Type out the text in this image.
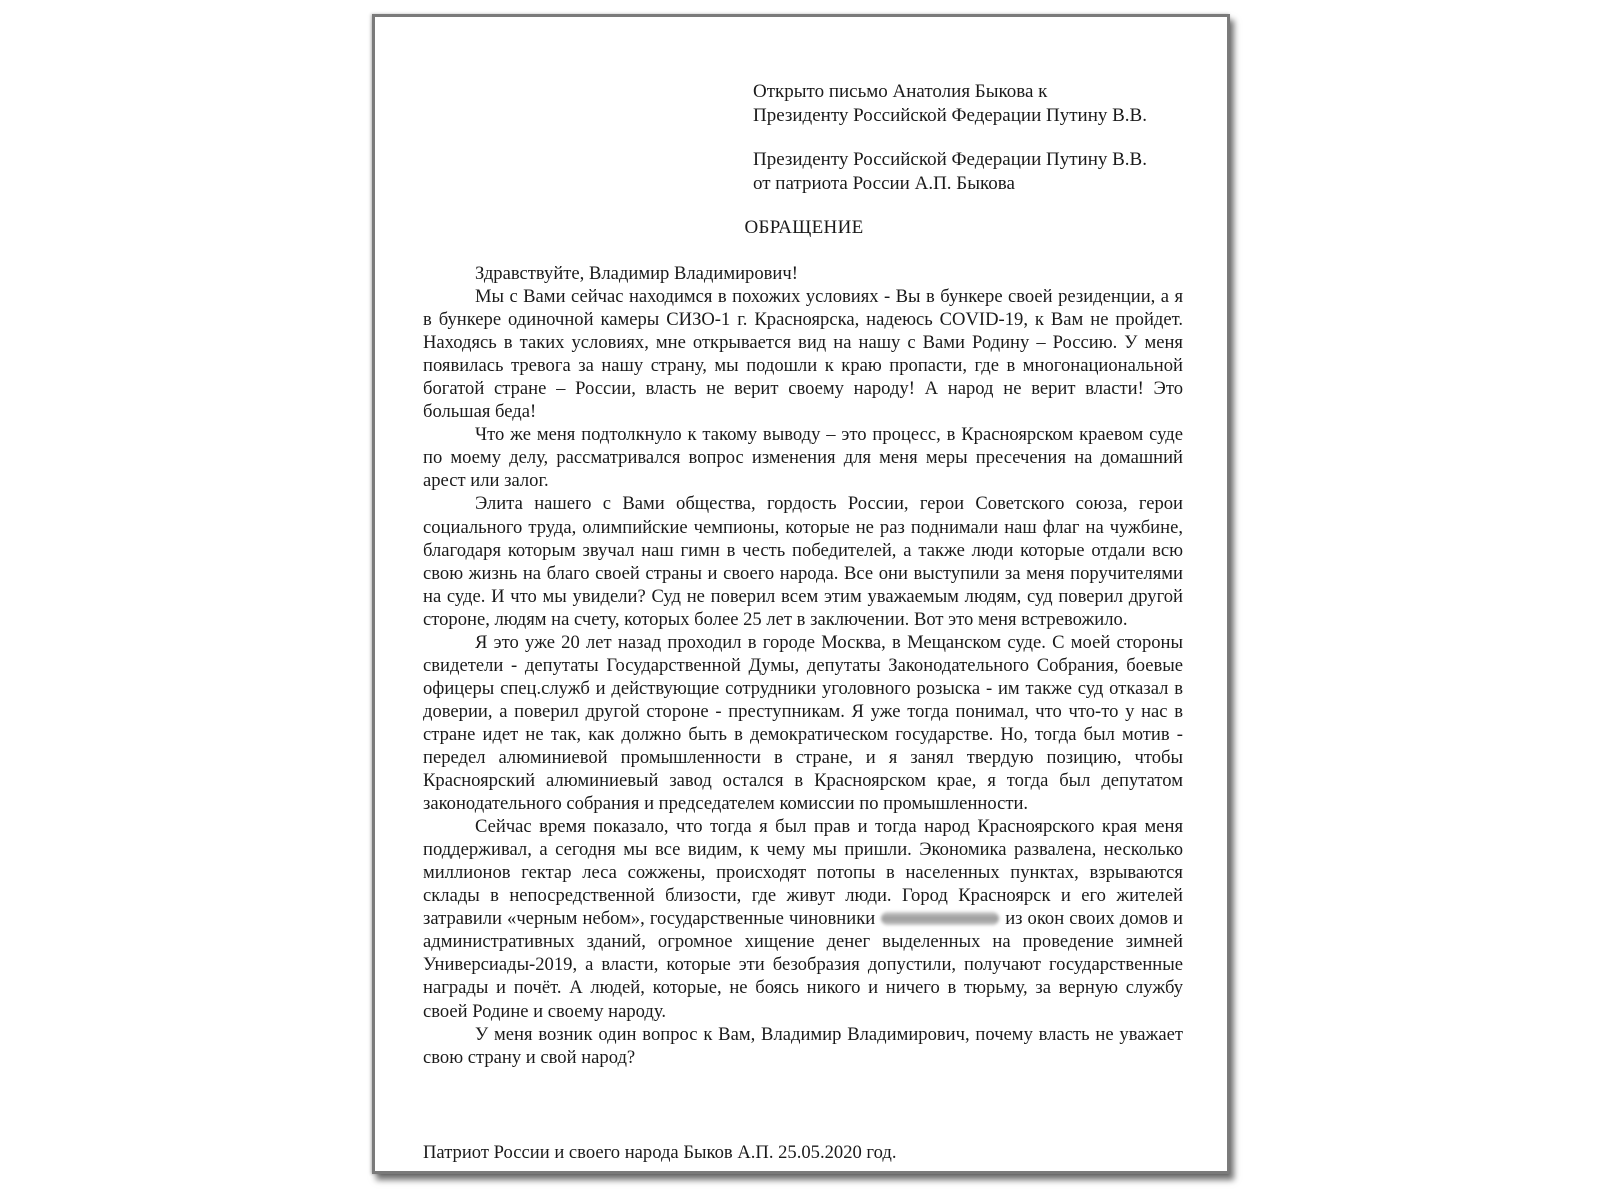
Открыто письмо Анатолия Быкова к
Президенту Российской Федерации Путину В.В.
Президенту Российской Федерации Путину В.В.
от патриота России А.П. Быкова
ОБРАЩЕНИЕ

Здравствуйте, Владимир Владимирович!

Мы с Вами сейчас находимся в похожих условиях - Вы в бункере своей резиденции, а я в бункере одиночной камеры СИЗО-1 г. Красноярска, надеюсь COVID-19, к Вам не пройдет. Находясь в таких условиях, мне открывается вид на нашу с Вами Родину – Россию. У меня появилась тревога за нашу страну, мы подошли к краю пропасти, где в многонациональной богатой стране – России, власть не верит своему народу! А народ не верит власти! Это большая беда!

Что же меня подтолкнуло к такому выводу – это процесс, в Красноярском краевом суде по моему делу, рассматривался вопрос изменения для меня меры пресечения на домашний арест или залог.

Элита нашего с Вами общества, гордость России, герои Советского союза, герои социального труда, олимпийские чемпионы, которые не раз поднимали наш флаг на чужбине, благодаря которым звучал наш гимн в честь победителей, а также люди которые отдали всю свою жизнь на благо своей страны и своего народа. Все они выступили за меня поручителями на суде. И что мы увидели? Суд не поверил всем этим уважаемым людям, суд поверил другой стороне, людям на счету, которых более 25 лет в заключении. Вот это меня встревожило.

Я это уже 20 лет назад проходил в городе Москва, в Мещанском суде. С моей стороны свидетели - депутаты Государственной Думы, депутаты Законодательного Собрания, боевые офицеры спец.служб и действующие сотрудники уголовного розыска - им также суд отказал в доверии, а поверил другой стороне - преступникам. Я уже тогда понимал, что что-то у нас в стране идет не так, как должно быть в демократическом государстве. Но, тогда был мотив - передел алюминиевой промышленности в стране, и я занял твердую позицию, чтобы Красноярский алюминиевый завод остался в Красноярском крае, я тогда был депутатом законодательного собрания и председателем комиссии по промышленности.

Сейчас время показало, что тогда я был прав и тогда народ Красноярского края меня поддерживал, а сегодня мы все видим, к чему мы пришли. Экономика развалена, несколько миллионов гектар леса сожжены, происходят потопы в населенных пунктах, взрываются склады в непосредственной близости, где живут люди. Город Красноярск и его жителей затравили «черным небом», государственные чиновники	из окон своих домов и административных зданий, огромное хищение денег выделенных на проведение зимней Универсиады-2019, а власти, которые эти безобразия допустили, получают государственные награды и почёт. А людей, которые, не боясь никого и ничего в тюрьму, за верную службу своей Родине и своему народу.

У меня возник один вопрос к Вам, Владимир Владимирович, почему власть не уважает свою страну и свой народ?

Патриот России и своего народа Быков А.П. 25.05.2020 год.
